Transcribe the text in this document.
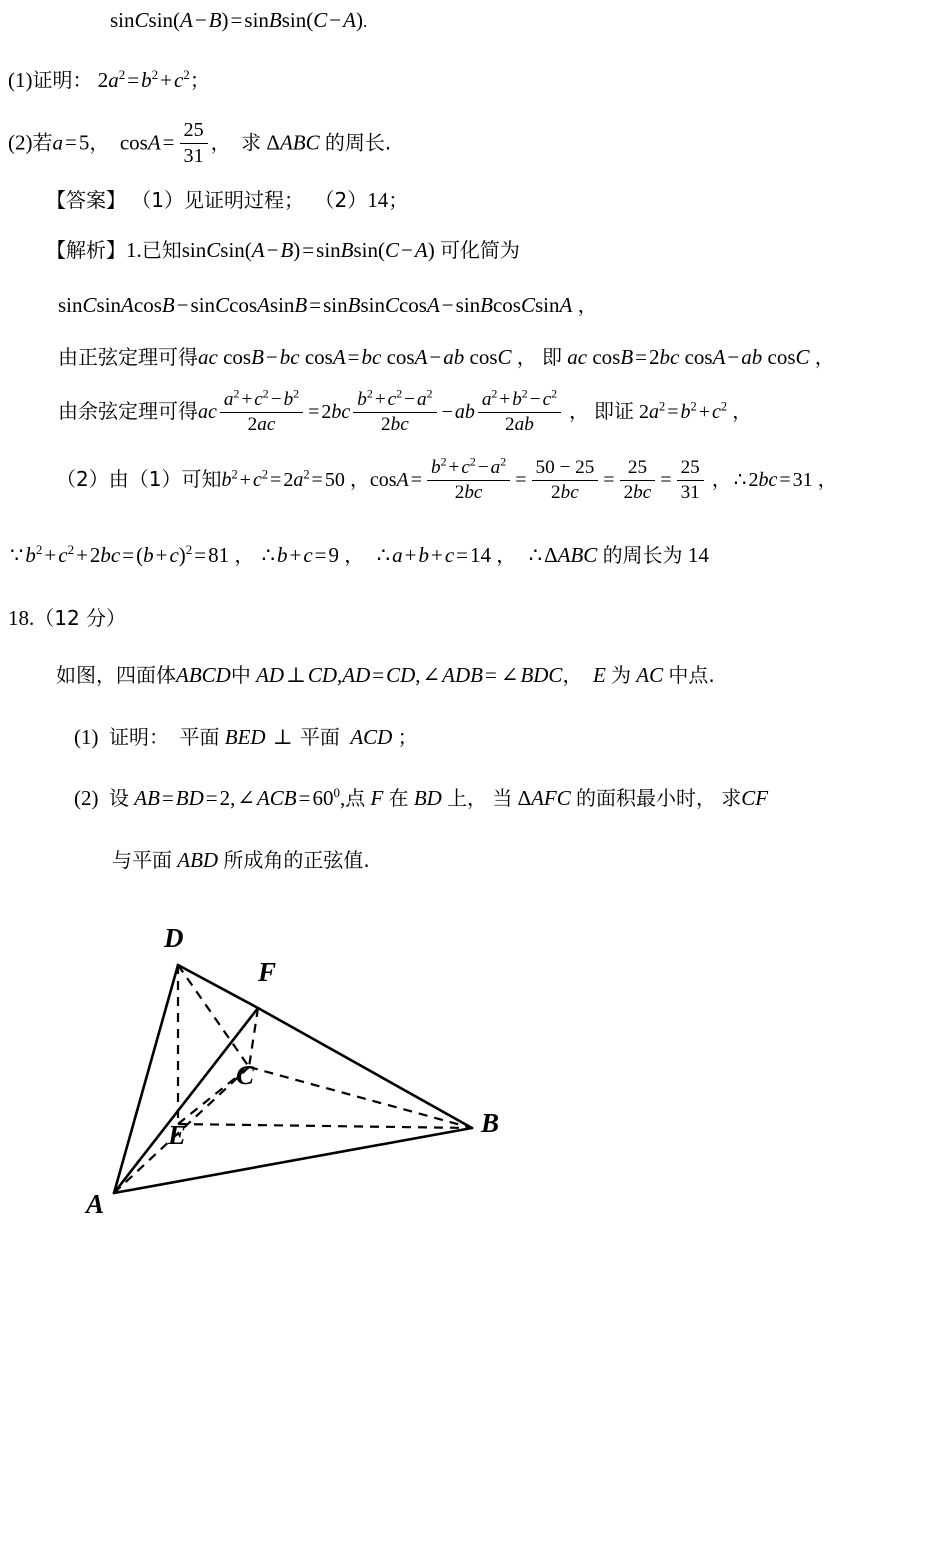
sinCsin(A−B)=sinBsin(C−A).
(1)证明： $2a^2=b^2+c^2$；
(2)若a=5， $\cos A= \frac{25}{31}$ ， 求 ΔABC 的周长.
【答案】 （1）见证明过程； （2）14；
【解析】1.已知sinCsin(A−B)=sinBsin(C−A) 可化简为
sinCsinAcosB−sinCcosAsinB=sinBsinCcosA−sinBcosCsinA ，
由正弦定理可得ac cosB−bc cosA=bc cosA−ab cosC ， 即 ac cosB=2bc cosA−ab cosC ，
由余弦定理可得ac $\frac{a^2 + c^2 - b^2}{2ac} = 2bc \frac{b^2 + c^2 - a^2}{2bc}$ − ab $\frac{a^2 + b^2 - c^2}{2ab}$ ， 即证 $2a^2 = b^2 + c^2$ ，
（2）由（1）可知$b^2 + c^2 = 2a^2 = 50$ ，$\cos A = \frac{b^2 + c^2 - a^2}{2bc} = \frac{50 - 25}{2bc} = \frac{25}{2bc} = \frac{25}{31}$ ， ∴ 2bc = 31 ，
$\because b^2+c^2+2bc=(b+c)^2=81$ ， ∴b+c=9 ， ∴a+b+c=14 ， ∴ΔABC 的周长为 14
18.（12 分）
如图，四面体ABCD中 AD⊥CD,AD=CD,∠ADB= ∠BDC， E 为 AC 中点.
(1) 证明： 平面 BED ⊥ 平面 ACD ；
(2) 设 $AB=BD=2,\angle ACB=60^0$,点 F 在 BD 上， 当 ΔAFC 的面积最小时， 求CF
与平面 ABD 所成角的正弦值.
D
F
C
B
E
A
